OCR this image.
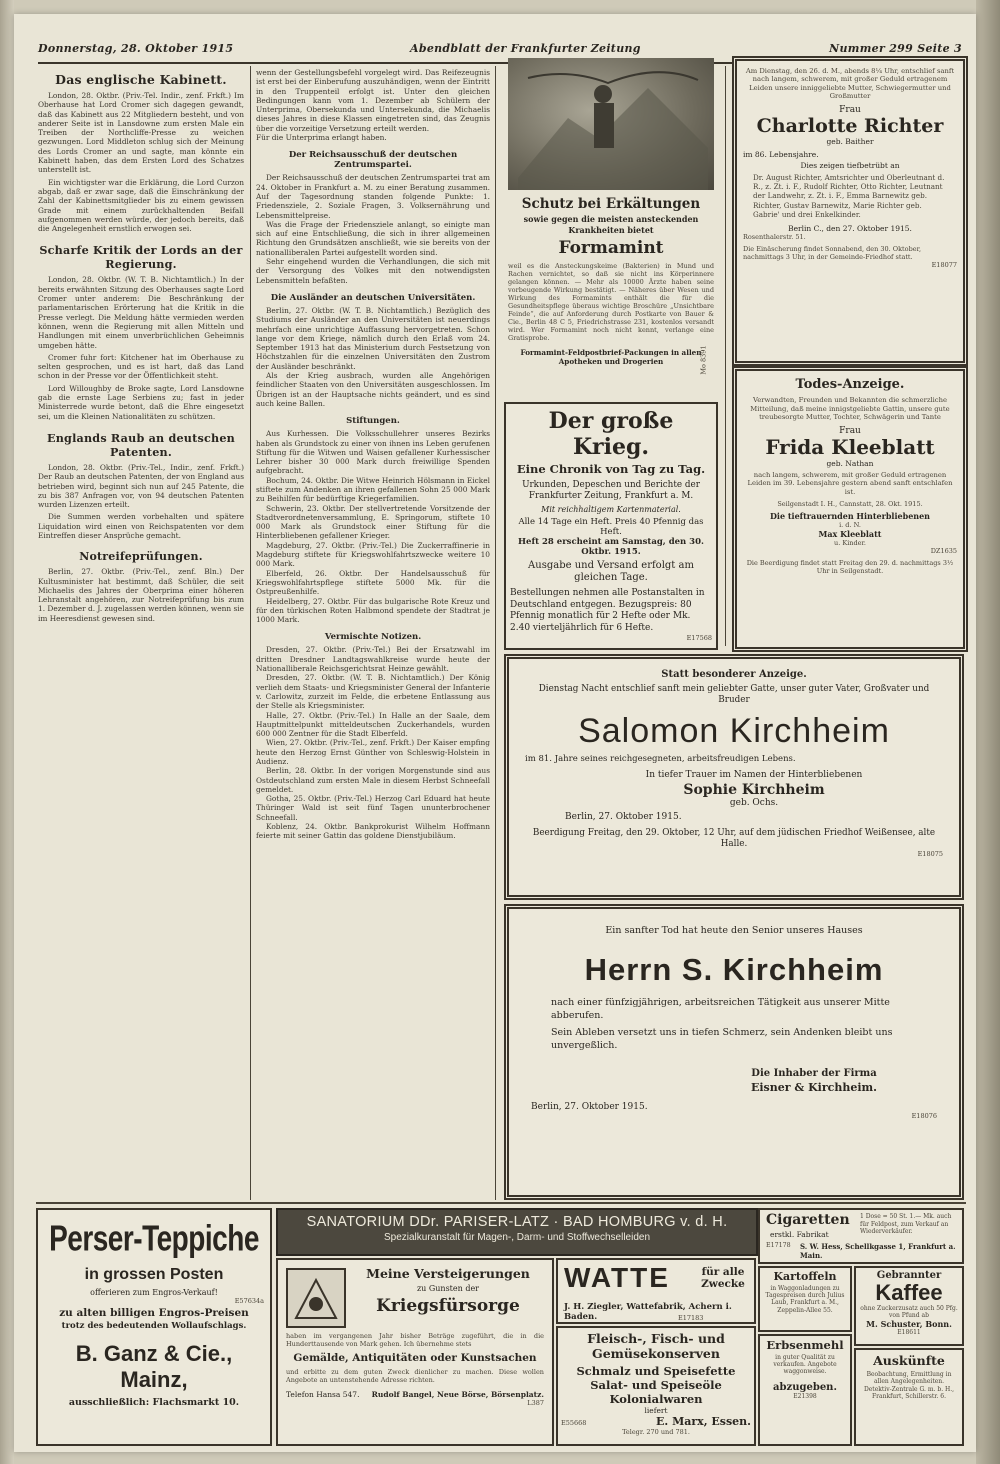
Donnerstag, 28. Oktober 1915	Abendblatt der Frankfurter Zeitung	Nummer 299 Seite 3
Das englische Kabinett.

London, 28. Oktbr. (Priv.-Tel. Indir., zenf. Frkft.) Im Oberhause hat Lord Cromer sich dagegen gewandt, daß das Kabinett aus 22 Mitgliedern besteht, und von anderer Seite ist in Lansdowne zum ersten Male ein Treiben der Northcliffe-Presse zu weichen gezwungen. Lord Middleton schlug sich der Meinung des Lords Cromer an und sagte, man könnte ein Kabinett haben, das dem Ersten Lord des Schatzes unterstellt ist.

Ein wichtigster war die Erklärung, die Lord Curzon abgab, daß er zwar sage, daß die Einschränkung der Zahl der Kabinettsmitglieder bis zu einem gewissen Grade mit einem zurückhaltenden Beifall aufgenommen werden würde, der jedoch bereits, daß die Angelegenheit ernstlich erwogen sei.

Scharfe Kritik der Lords an der Regierung.

London, 28. Oktbr. (W. T. B. Nichtamtlich.) In der bereits erwähnten Sitzung des Oberhauses sagte Lord Cromer unter anderem: Die Beschränkung der parlamentarischen Erörterung hat die Kritik in die Presse verlegt. Die Meldung hätte vermieden werden können, wenn die Regierung mit allen Mitteln und Handlungen mit einem unverbrüchlichen Geheimnis umgeben hätte.

Cromer fuhr fort: Kitchener hat im Oberhause zu selten gesprochen, und es ist hart, daß das Land schon in der Presse vor der Öffentlichkeit steht.

Lord Willoughby de Broke sagte, Lord Lansdowne gab die ernste Lage Serbiens zu; fast in jeder Ministerrede wurde betont, daß die Ehre eingesetzt sei, um die Kleinen Nationalitäten zu schützen.

Englands Raub an deutschen Patenten.

London, 28. Oktbr. (Priv.-Tel., Indir., zenf. Frkft.) Der Raub an deutschen Patenten, der von England aus betrieben wird, beginnt sich nun auf 245 Patente, die zu bis 387 Anfragen vor, von 94 deutschen Patenten wurden Lizenzen erteilt.

Die Summen werden vorbehalten und spätere Liquidation wird einen von Reichspatenten vor dem Eintreffen dieser Ansprüche gemacht.

Notreifeprüfungen.

Berlin, 27. Oktbr. (Priv.-Tel., zenf. Bln.) Der Kultusminister hat bestimmt, daß Schüler, die seit Michaelis des Jahres der Oberprima einer höheren Lehranstalt angehören, zur Notreifeprüfung bis zum 1. Dezember d. J. zugelassen werden können, wenn sie im Heeresdienst gewesen sind.

wenn der Gestellungsbefehl vorgelegt wird. Das Reifezeugnis ist erst bei der Einberufung auszuhändigen, wenn der Eintritt in den Truppenteil erfolgt ist. Unter den gleichen Bedingungen kann vom 1. Dezember ab Schülern der Unterprima, Obersekunda und Untersekunda, die Michaelis dieses Jahres in diese Klassen eingetreten sind, das Zeugnis über die vorzeitige Versetzung erteilt werden.

Für die Unterprima erlangt haben.

Der Reichsausschuß der deutschen Zentrumspartei.

Der Reichsausschuß der deutschen Zentrumspartei trat am 24. Oktober in Frankfurt a. M. zu einer Beratung zusammen. Auf der Tagesordnung standen folgende Punkte: 1. Friedensziele, 2. Soziale Fragen, 3. Volksernährung und Lebensmittelpreise.

Was die Frage der Friedensziele anlangt, so einigte man sich auf eine Entschließung, die sich in ihrer allgemeinen Richtung den Grundsätzen anschließt, wie sie bereits von der nationalliberalen Partei aufgestellt worden sind.

Sehr eingehend wurden die Verhandlungen, die sich mit der Versorgung des Volkes mit den notwendigsten Lebensmitteln befaßten.

Die Ausländer an deutschen Universitäten.

Berlin, 27. Oktbr. (W. T. B. Nichtamtlich.) Bezüglich des Studiums der Ausländer an den Universitäten ist neuerdings mehrfach eine unrichtige Auffassung hervorgetreten. Schon lange vor dem Kriege, nämlich durch den Erlaß vom 24. September 1913 hat das Ministerium durch Festsetzung von Höchstzahlen für die einzelnen Universitäten den Zustrom der Ausländer beschränkt.

Als der Krieg ausbrach, wurden alle Angehörigen feindlicher Staaten von den Universitäten ausgeschlossen. Im Übrigen ist an der Hauptsache nichts geändert, und es sind auch keine Ballen.

Stiftungen.

Aus Kurhessen. Die Volksschullehrer unseres Bezirks haben als Grundstock zu einer von ihnen ins Leben gerufenen Stiftung für die Witwen und Waisen gefallener Kurhessischer Lehrer bisher 30 000 Mark durch freiwillige Spenden aufgebracht.

Bochum, 24. Oktbr. Die Witwe Heinrich Hölsmann in Eickel stiftete zum Andenken an ihren gefallenen Sohn 25 000 Mark zu Beihilfen für bedürftige Kriegerfamilien.

Schwerin, 23. Oktbr. Der stellvertretende Vorsitzende der Stadtverordnetenversammlung, E. Springorum, stiftete 10 000 Mark als Grundstock einer Stiftung für die Hinterbliebenen gefallener Krieger.

Magdeburg, 27. Oktbr. (Priv.-Tel.) Die Zuckerraffinerie in Magdeburg stiftete für Kriegswohlfahrtszwecke weitere 10 000 Mark.

Elberfeld, 26. Oktbr. Der Handelsausschuß für Kriegswohlfahrtspflege stiftete 5000 Mk. für die Ostpreußenhilfe.

Heidelberg, 27. Oktbr. Für das bulgarische Rote Kreuz und für den türkischen Roten Halbmond spendete der Stadtrat je 1000 Mark.

Vermischte Notizen.

Dresden, 27. Oktbr. (Priv.-Tel.) Bei der Ersatzwahl im dritten Dresdner Landtagswahlkreise wurde heute der Nationalliberale Reichsgerichtsrat Heinze gewählt.

Dresden, 27. Oktbr. (W. T. B. Nichtamtlich.) Der König verlieh dem Staats- und Kriegsminister General der Infanterie v. Carlowitz, zurzeit im Felde, die erbetene Entlassung aus der Stelle als Kriegsminister.

Halle, 27. Oktbr. (Priv.-Tel.) In Halle an der Saale, dem Hauptmittelpunkt mitteldeutschen Zuckerhandels, wurden 600 000 Zentner für die Stadt Elberfeld.

Wien, 27. Oktbr. (Priv.-Tel., zenf. Frkft.) Der Kaiser empfing heute den Herzog Ernst Günther von Schleswig-Holstein in Audienz.

Berlin, 28. Oktbr. In der vorigen Morgenstunde sind aus Ostdeutschland zum ersten Male in diesem Herbst Schneefall gemeldet.

Gotha, 25. Oktbr. (Priv.-Tel.) Herzog Carl Eduard hat heute Thüringer Wald ist seit fünf Tagen ununterbrochener Schneefall.

Koblenz, 24. Oktbr. Bankprokurist Wilhelm Hoffmann feierte mit seiner Gattin das goldene Dienstjubiläum.

Schutz bei Erkältungen
sowie gegen die meisten ansteckenden Krankheiten bietet
Formamint
weil es die Ansteckungskeime (Bakterien) in Mund und Rachen vernichtet, so daß sie nicht ins Körperinnere gelangen können. — Mehr als 10000 Ärzte haben seine vorbeugende Wirkung bestätigt. — Näheres über Wesen und Wirkung des Formamints enthält die für die Gesundheitspflege überaus wichtige Broschüre „Unsichtbare Feinde“, die auf Anforderung durch Postkarte von Bauer & Cie., Berlin 48 C 5, Friedrichstrasse 231, kostenlos versandt wird. Wer Formamint noch nicht kennt, verlange eine Gratisprobe.
Formamint-Feldpostbrief-Packungen in allen Apotheken und Drogerien	Mo 8391
Der große Krieg.
Eine Chronik von Tag zu Tag.
Urkunden, Depeschen und Berichte der Frankfurter Zeitung, Frankfurt a. M.
Mit reichhaltigem Kartenmaterial.
Alle 14 Tage ein Heft. Preis 40 Pfennig das Heft.
Heft 28 erscheint am Samstag, den 30. Oktbr. 1915.
Ausgabe und Versand erfolgt am gleichen Tage.
Bestellungen nehmen alle Postanstalten in Deutschland entgegen. Bezugspreis: 80 Pfennig monatlich für 2 Hefte oder Mk. 2.40 vierteljährlich für 6 Hefte.
E17568
Am Dienstag, den 26. d. M., abends 8¼ Uhr, entschlief sanft nach langem, schwerem, mit großer Geduld ertragenem Leiden unsere inniggeliebte Mutter, Schwiegermutter und Großmutter
Frau
Charlotte Richter
geb. Baither
im 86. Lebensjahre.
Dies zeigen tiefbetrübt an
Dr. August Richter, Amtsrichter und Oberleutnant d. R., z. Zt. i. F., Rudolf Richter, Otto Richter, Leutnant der Landwehr, z. Zt. i. F., Emma Barnewitz geb. Richter, Gustav Barnewitz, Marie Richter geb. Gabrie' und drei Enkelkinder.
Berlin C., den 27. Oktober 1915.
Rosenthalerstr. 51.
Die Einäscherung findet Sonnabend, den 30. Oktober, nachmittags 3 Uhr, in der Gemeinde-Friedhof statt.
E18077
Todes-Anzeige.
Verwandten, Freunden und Bekannten die schmerzliche Mitteilung, daß meine innigstgeliebte Gattin, unsere gute treubesorgte Mutter, Tochter, Schwägerin und Tante
Frau
Frida Kleeblatt
geb. Nathan
nach langem, schwerem, mit großer Geduld ertragenen Leiden im 39. Lebensjahre gestern abend sanft entschlafen ist.
Seilgenstadt I. H., Cannstatt, 28. Okt. 1915.
Die tieftrauernden Hinterbliebenen
i. d. N.
Max Kleeblatt
u. Kinder.
DZ1635
Die Beerdigung findet statt Freitag den 29. d. nachmittags 3½ Uhr in Seilgenstadt.
Statt besonderer Anzeige.
Dienstag Nacht entschlief sanft mein geliebter Gatte, unser guter Vater, Großvater und Bruder
Salomon Kirchheim
im 81. Jahre seines reichgesegneten, arbeitsfreudigen Lebens.
In tiefer Trauer im Namen der Hinterbliebenen
Sophie Kirchheim
geb. Ochs.
Berlin, 27. Oktober 1915.
Beerdigung Freitag, den 29. Oktober, 12 Uhr, auf dem jüdischen Friedhof Weißensee, alte Halle.
E18075
Ein sanfter Tod hat heute den Senior unseres Hauses
Herrn S. Kirchheim
nach einer fünfzigjährigen, arbeitsreichen Tätigkeit aus unserer Mitte abberufen.
Sein Ableben versetzt uns in tiefen Schmerz, sein Andenken bleibt uns unvergeßlich.
Die Inhaber der Firma
Eisner & Kirchheim.
Berlin, 27. Oktober 1915.
E18076
Perser-Teppiche
in grossen Posten
offerieren zum Engros-Verkauf!
E57634a
zu alten billigen Engros-Preisen
trotz des bedeutenden Wollaufschlags.
B. Ganz & Cie., Mainz,
ausschließlich: Flachsmarkt 10.
SANATORIUM DDr. PARISER-LATZ · BAD HOMBURG v. d. H.
Spezialkuranstalt für Magen-, Darm- und Stoffwechselleiden
Meine Versteigerungen
zu Gunsten der
Kriegsfürsorge
haben im vergangenen Jahr bisher Beträge zugeführt, die in die Hunderttausende von Mark gehen. Ich übernehme stets
Gemälde, Antiquitäten oder Kunstsachen
und erbitte zu dem guten Zweck dienlicher zu machen. Diese wollen Angebote an untenstehende Adresse richten.
Telefon Hansa 547. Rudolf Bangel, Neue Börse, Börsenplatz.
L387
WATTE	für alle Zwecke
J. H. Ziegler, Wattefabrik, Achern i. Baden.	E17183
Fleisch-, Fisch- und Gemüsekonserven
Schmalz und Speisefette
Salat- und Speiseöle
Kolonialwaren
liefert
E55668	E. Marx, Essen.
Telegr. 270 und 781.
Cigaretten
erstkl. Fabrikat
1 Dose = 50 St. 1.— Mk. auch für Feldpost, zum Verkauf an Wiederverkäufer.
E17178 S. W. Hess, Schellkgasse 1, Frankfurt a. Main.
Kartoffeln
in Waggonladungen zu Tagespreisen durch Julius Laub, Frankfurt a. M., Zeppelin-Allee 55.
Gebrannter
Kaffee
ohne Zuckerzusatz auch 50 Pfg. von Pfund ab
M. Schuster, Bonn.
E18611
Erbsenmehl
in guter Qualität zu verkaufen. Angebote waggonweise.
abzugeben.
E21398
Auskünfte
Beobachtung, Ermittlung in allen Angelegenheiten. Detektiv-Zentrale G. m. b. H., Frankfurt, Schillerstr. 6.
